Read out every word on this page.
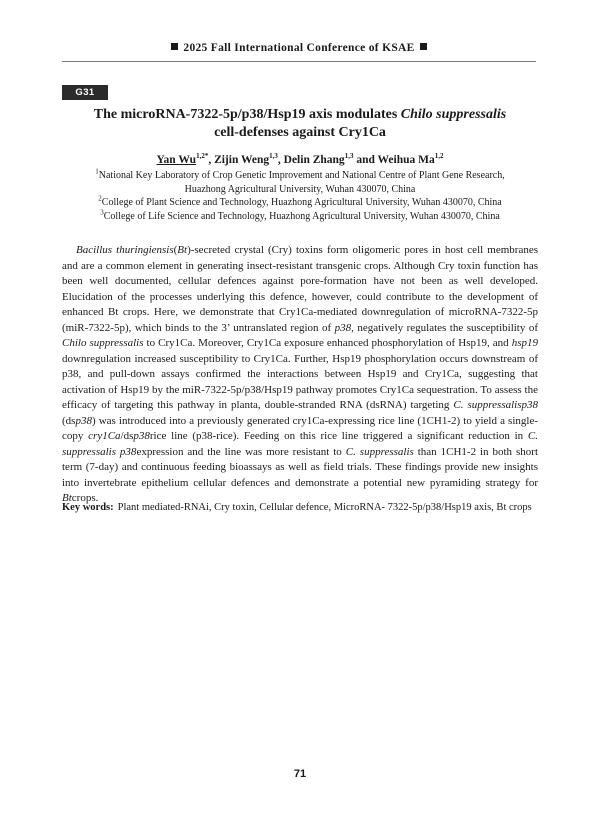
2025 Fall International Conference of KSAE
G31
The microRNA-7322-5p/p38/Hsp19 axis modulates Chilo suppressalis
cell-defenses against Cry1Ca
Yan $Wu^{1,2*}$, Zijin Weng$^{1,3}$, Delin Zhang$^{1,3}$ and Weihua Ma$^{1,2}$
$^1$National Key Laboratory of Crop Genetic Improvement and National Centre of Plant Gene Research,
Huazhong Agricultural University, Wuhan 430070, China
$^2$College of Plant Science and Technology, Huazhong Agricultural University, Wuhan 430070, China
$^3$College of Life Science and Technology, Huazhong Agricultural University, Wuhan 430070, China

Bacillus thuringiensis(Bt)-secreted crystal (Cry) toxins form oligomeric pores in host cell membranes and are a common element in generating insect-resistant transgenic crops. Although Cry toxin function has been well documented, cellular defences against pore-formation have not been as well developed. Elucidation of the processes underlying this defence, however, could contribute to the development of enhanced Bt crops. Here, we demonstrate that Cry1Ca-mediated downregulation of microRNA-7322-5p (miR-7322-5p), which binds to the 3’ untranslated region of p38, negatively regulates the susceptibility of Chilo suppressalis to Cry1Ca. Moreover, Cry1Ca exposure enhanced phosphorylation of Hsp19, and hsp19 downregulation increased susceptibility to Cry1Ca. Further, Hsp19 phosphorylation occurs downstream of p38, and pull-down assays confirmed the interactions between Hsp19 and Cry1Ca, suggesting that activation of Hsp19 by the miR-7322-5p/p38/Hsp19 pathway promotes Cry1Ca sequestration. To assess the efficacy of targeting this pathway in planta, double-stranded RNA (dsRNA) targeting C. suppressalisp38 (dsp38) was introduced into a previously generated cry1Ca-expressing rice line (1CH1-2) to yield a single-copy cry1Ca/dsp38rice line (p38-rice). Feeding on this rice line triggered a significant reduction in C. suppressalis p38expression and the line was more resistant to C. suppressalis than 1CH1-2 in both short term (7-day) and continuous feeding bioassays as well as field trials. These findings provide new insights into invertebrate epithelium cellular defences and demonstrate a potential new pyramiding strategy for Btcrops.

Key words: Plant mediated-RNAi, Cry toxin, Cellular defence, MicroRNA- 7322-5p/p38/Hsp19 axis, Bt crops
71
